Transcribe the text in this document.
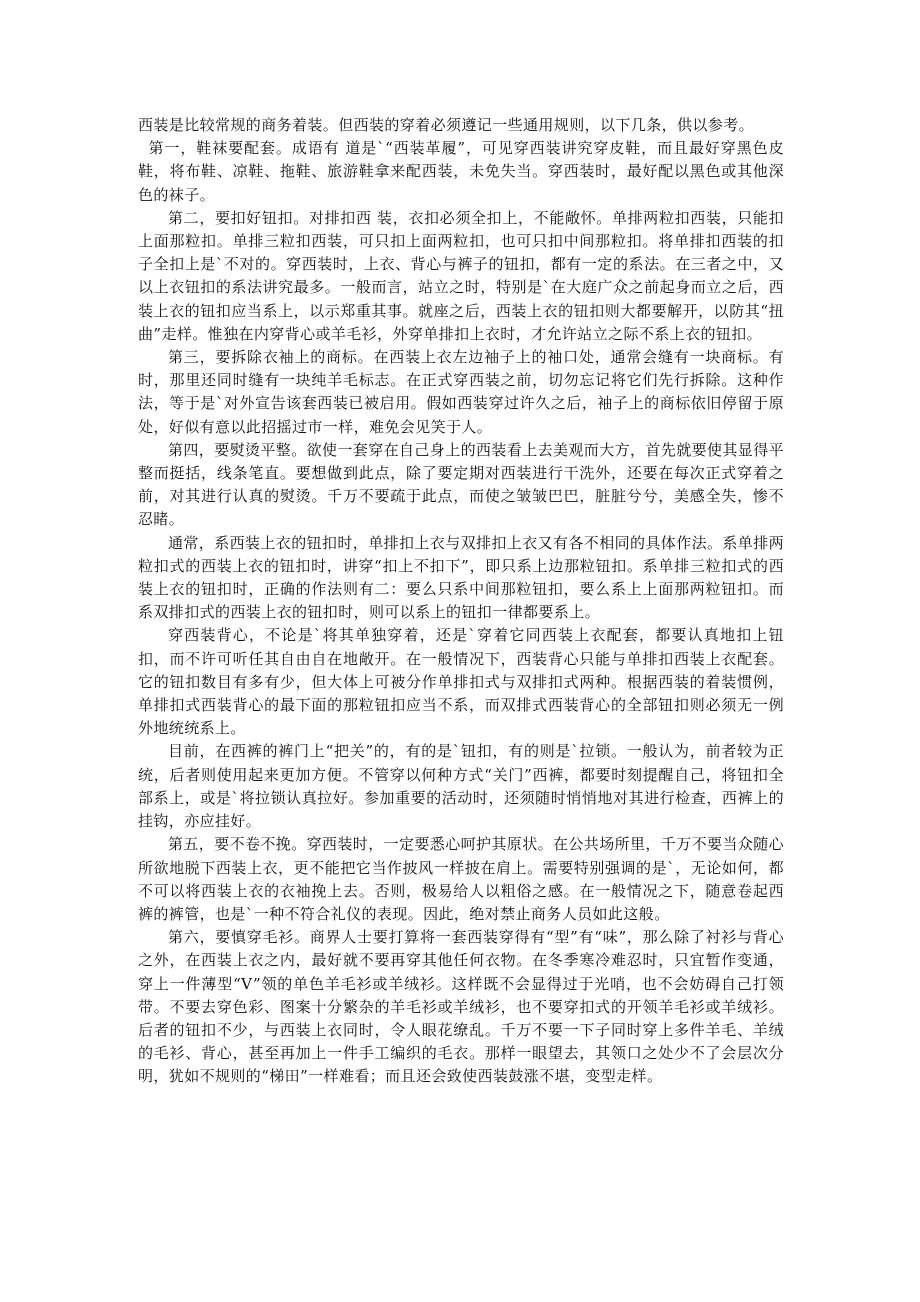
西装是比较常规的商务着装。但西装的穿着必须遵记一些通用规则，以下几条，供以参考。

第一，鞋袜要配套。成语有 道是`“西装革履”，可见穿西装讲究穿皮鞋，而且最好穿黑色皮鞋，将布鞋、凉鞋、拖鞋、旅游鞋拿来配西装，未免失当。穿西装时，最好配以黑色或其他深色的袜子。

第二，要扣好钮扣。对排扣西 装，衣扣必须全扣上，不能敞怀。单排两粒扣西装，只能扣上面那粒扣。单排三粒扣西装，可只扣上面两粒扣，也可只扣中间那粒扣。将单排扣西装的扣子全扣上是`不对的。穿西装时，上衣、背心与裤子的钮扣，都有一定的系法。在三者之中，又以上衣钮扣的系法讲究最多。一般而言，站立之时，特别是`在大庭广众之前起身而立之后，西装上衣的钮扣应当系上，以示郑重其事。就座之后，西装上衣的钮扣则大都要解开，以防其“扭曲”走样。惟独在内穿背心或羊毛衫，外穿单排扣上衣时，才允许站立之际不系上衣的钮扣。

第三，要拆除衣袖上的商标。在西装上衣左边袖子上的袖口处，通常会缝有一块商标。有时，那里还同时缝有一块纯羊毛标志。在正式穿西装之前，切勿忘记将它们先行拆除。这种作法，等于是`对外宣告该套西装已被启用。假如西装穿过许久之后，袖子上的商标依旧停留于原处，好似有意以此招摇过市一样，难免会见笑于人。

第四，要熨烫平整。欲使一套穿在自己身上的西装看上去美观而大方，首先就要使其显得平整而挺括，线条笔直。要想做到此点，除了要定期对西装进行干洗外，还要在每次正式穿着之前，对其进行认真的熨烫。千万不要疏于此点，而使之皱皱巴巴，脏脏兮兮，美感全失，惨不忍睹。

通常，系西装上衣的钮扣时，单排扣上衣与双排扣上衣又有各不相同的具体作法。系单排两粒扣式的西装上衣的钮扣时，讲穿“扣上不扣下”，即只系上边那粒钮扣。系单排三粒扣式的西装上衣的钮扣时，正确的作法则有二：要么只系中间那粒钮扣，要么系上上面那两粒钮扣。而系双排扣式的西装上衣的钮扣时，则可以系上的钮扣一律都要系上。

穿西装背心，不论是`将其单独穿着，还是`穿着它同西装上衣配套，都要认真地扣上钮扣，而不许可听任其自由自在地敞开。在一般情况下，西装背心只能与单排扣西装上衣配套。它的钮扣数目有多有少，但大体上可被分作单排扣式与双排扣式两种。根据西装的着装惯例，单排扣式西装背心的最下面的那粒钮扣应当不系，而双排式西装背心的全部钮扣则必须无一例外地统统系上。

目前，在西裤的裤门上“把关”的，有的是`钮扣，有的则是`拉锁。一般认为，前者较为正统，后者则使用起来更加方便。不管穿以何种方式“关门”西裤，都要时刻提醒自己，将钮扣全部系上，或是`将拉锁认真拉好。参加重要的活动时，还须随时悄悄地对其进行检查，西裤上的挂钩，亦应挂好。

第五，要不卷不挽。穿西装时，一定要悉心呵护其原状。在公共场所里，千万不要当众随心所欲地脱下西装上衣，更不能把它当作披风一样披在肩上。需要特别强调的是`，无论如何，都不可以将西装上衣的衣袖挽上去。否则，极易给人以粗俗之感。在一般情况之下，随意卷起西裤的裤管，也是`一种不符合礼仪的表现。因此，绝对禁止商务人员如此这般。

第六，要慎穿毛衫。商界人士要打算将一套西装穿得有“型”有“味”，那么除了衬衫与背心之外，在西装上衣之内，最好就不要再穿其他任何衣物。在冬季寒冷难忍时，只宜暂作变通，穿上一件薄型“V”领的单色羊毛衫或羊绒衫。这样既不会显得过于光哨，也不会妨碍自己打领带。不要去穿色彩、图案十分繁杂的羊毛衫或羊绒衫，也不要穿扣式的开领羊毛衫或羊绒衫。后者的钮扣不少，与西装上衣同时，令人眼花缭乱。千万不要一下子同时穿上多件羊毛、羊绒的毛衫、背心，甚至再加上一件手工编织的毛衣。那样一眼望去，其领口之处少不了会层次分明，犹如不规则的“梯田”一样难看；而且还会致使西装鼓涨不堪，变型走样。
